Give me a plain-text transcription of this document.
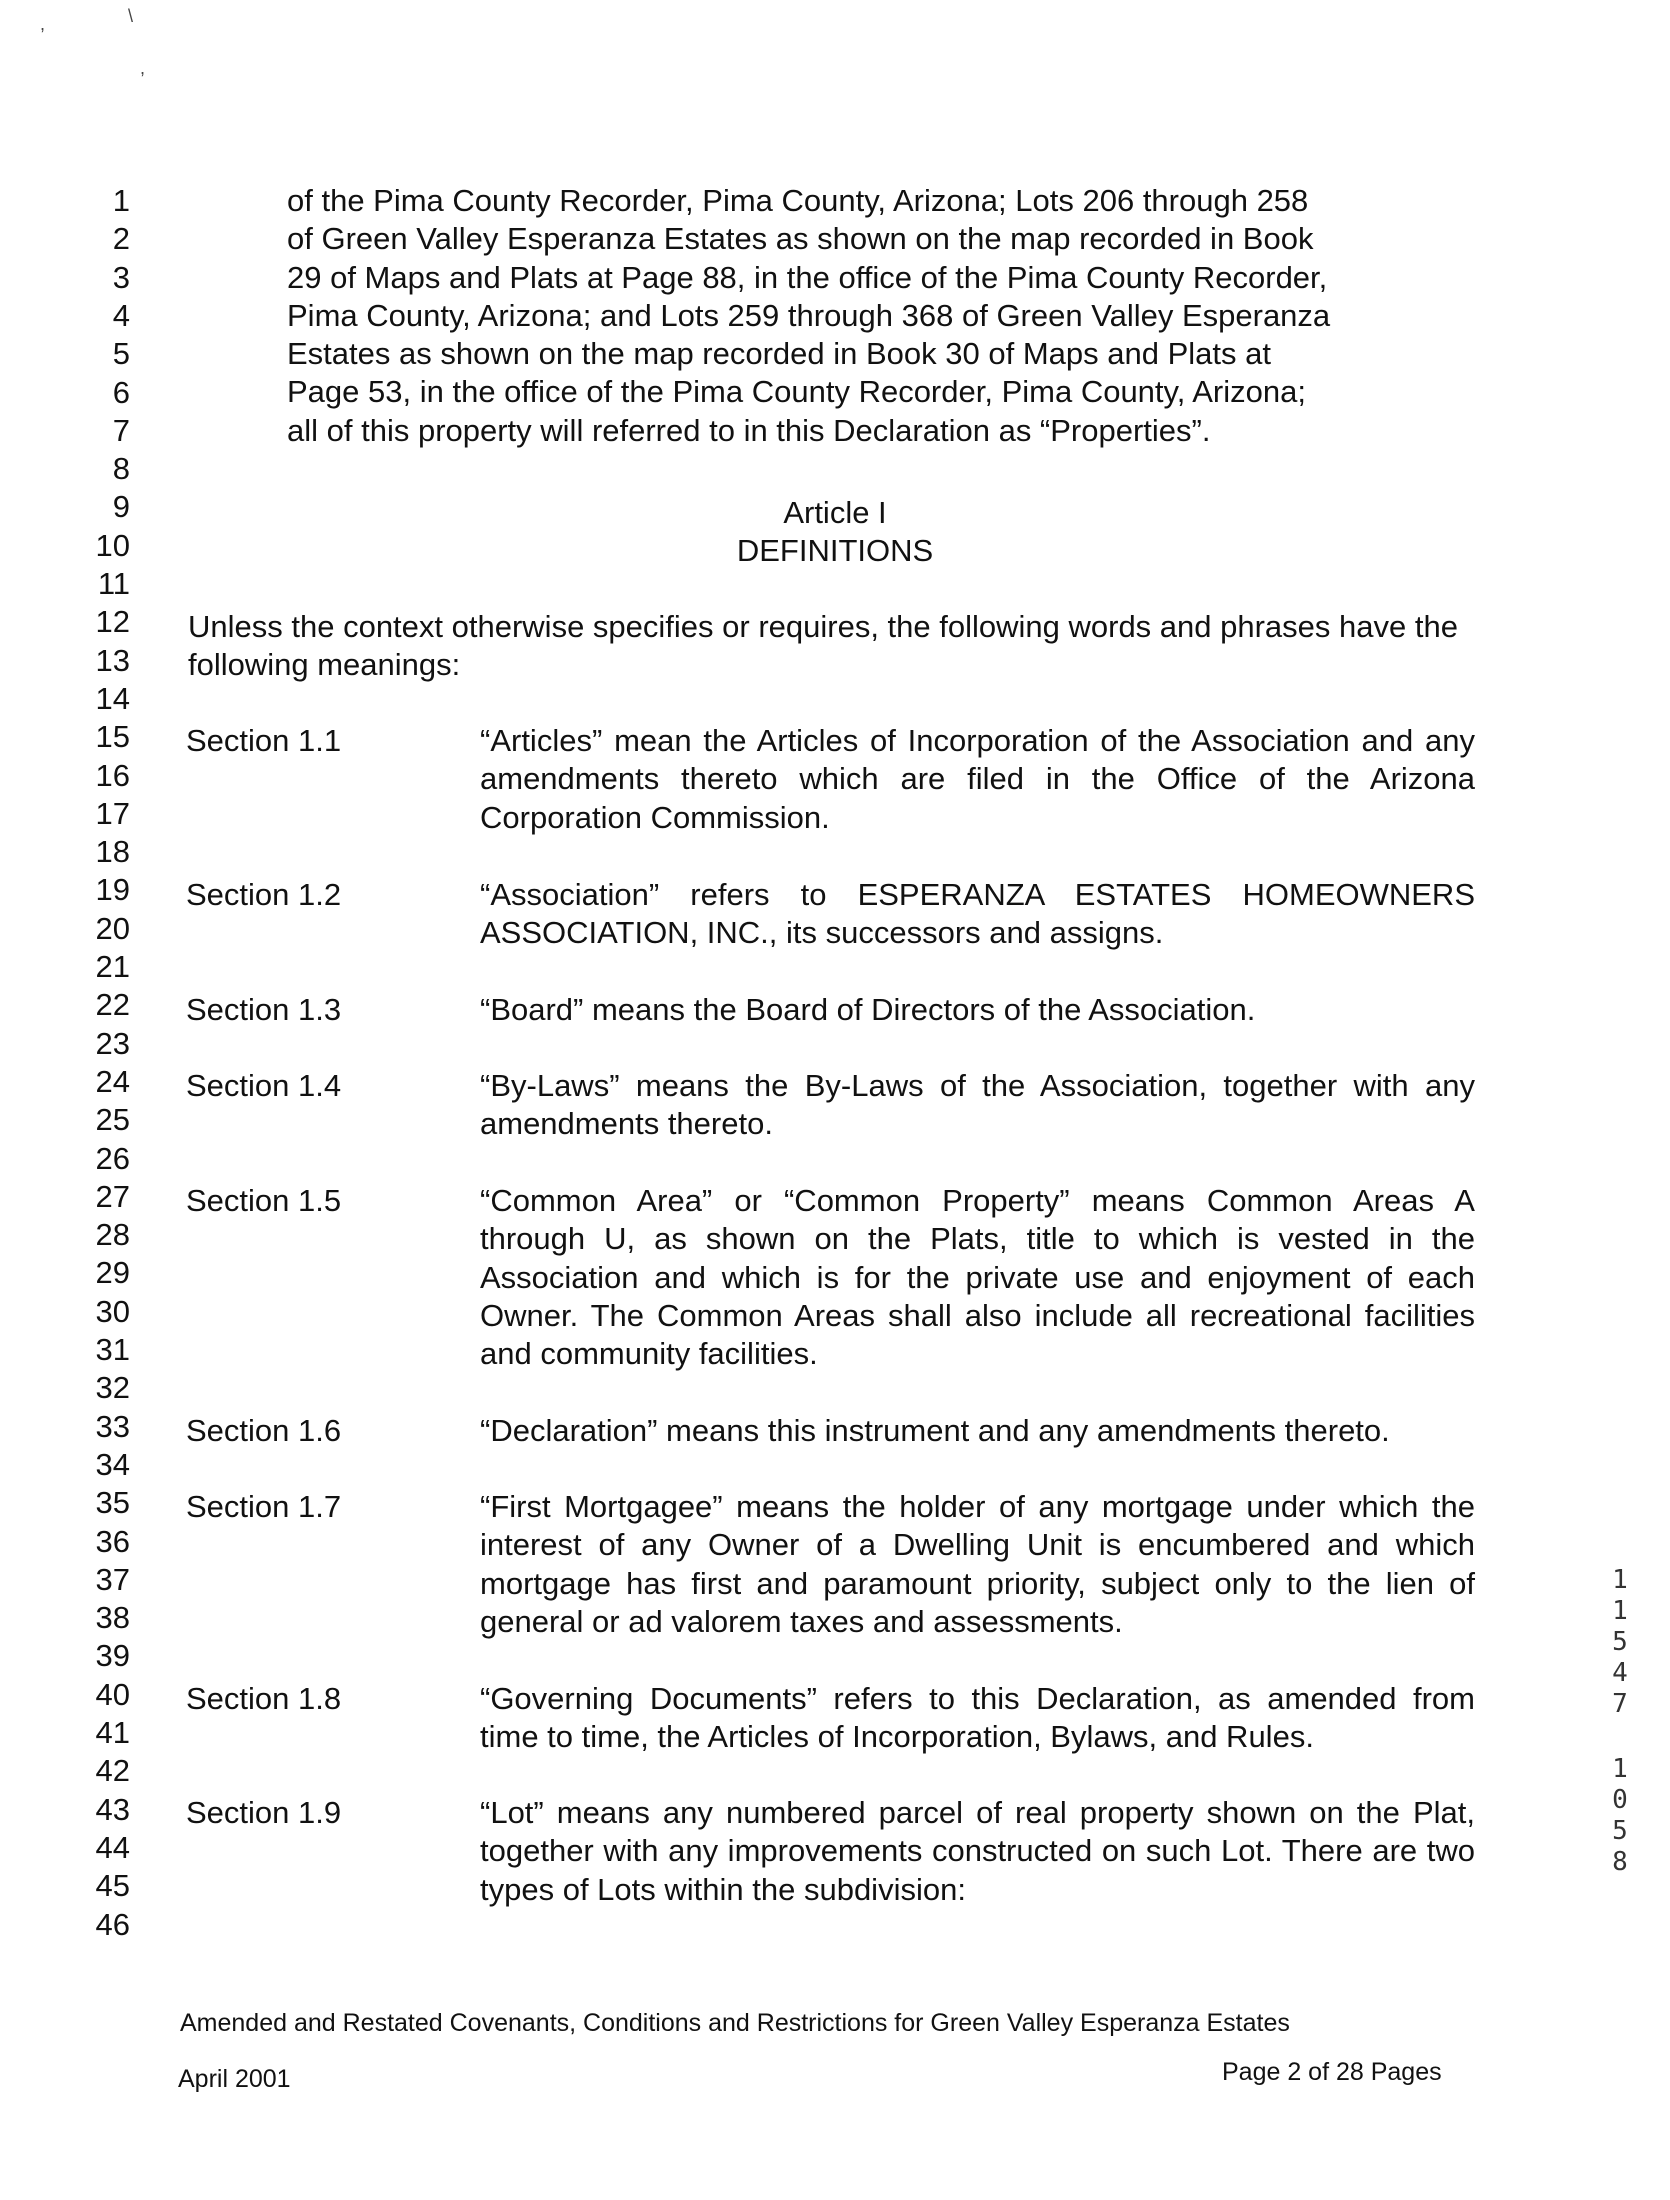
,	\
,
1
2
3
4
5
6
7
8
9
10
11
12
13
14
15
16
17
18
19
20
21
22
23
24
25
26
27
28
29
30
31
32
33
34
35
36
37
38
39
40
41
42
43
44
45
46
of the Pima County Recorder, Pima County, Arizona; Lots 206 through 258
of Green Valley Esperanza Estates as shown on the map recorded in Book
29 of Maps and Plats at Page 88, in the office of the Pima County Recorder,
Pima County, Arizona; and Lots 259 through 368 of Green Valley Esperanza
Estates as shown on the map recorded in Book 30 of Maps and Plats at
Page 53, in the office of the Pima County Recorder, Pima County, Arizona;
all of this property will referred to in this Declaration as “Properties”.
Article I
DEFINITIONS
Unless the context otherwise specifies or requires, the following words and phrases have the following meanings:
Section 1.1	“Articles” mean the Articles of Incorporation of the Association and any amendments thereto which are filed in the Office of the Arizona Corporation Commission.
Section 1.2	“Association” refers to ESPERANZA ESTATES HOMEOWNERS ASSOCIATION, INC., its successors and assigns.
Section 1.3	“Board” means the Board of Directors of the Association.
Section 1.4	“By-Laws” means the By-Laws of the Association, together with any amendments thereto.
Section 1.5	“Common Area” or “Common Property” means Common Areas A through U, as shown on the Plats, title to which is vested in the Association and which is for the private use and enjoyment of each Owner. The Common Areas shall also include all recreational facilities and community facilities.
Section 1.6	“Declaration” means this instrument and any amendments thereto.
Section 1.7	“First Mortgagee” means the holder of any mortgage under which the interest of any Owner of a Dwelling Unit is encumbered and which mortgage has first and paramount priority, subject only to the lien of general or ad valorem taxes and assessments.
Section 1.8	“Governing Documents” refers to this Declaration, as amended from time to time, the Articles of Incorporation, Bylaws, and Rules.
Section 1.9	“Lot” means any numbered parcel of real property shown on the Plat, together with any improvements constructed on such Lot. There are two types of Lots within the subdivision:
Amended and Restated Covenants, Conditions and Restrictions for Green Valley Esperanza Estates
April 2001	Page 2 of 28 Pages
1
1
5
4
7
1
0
5
8
